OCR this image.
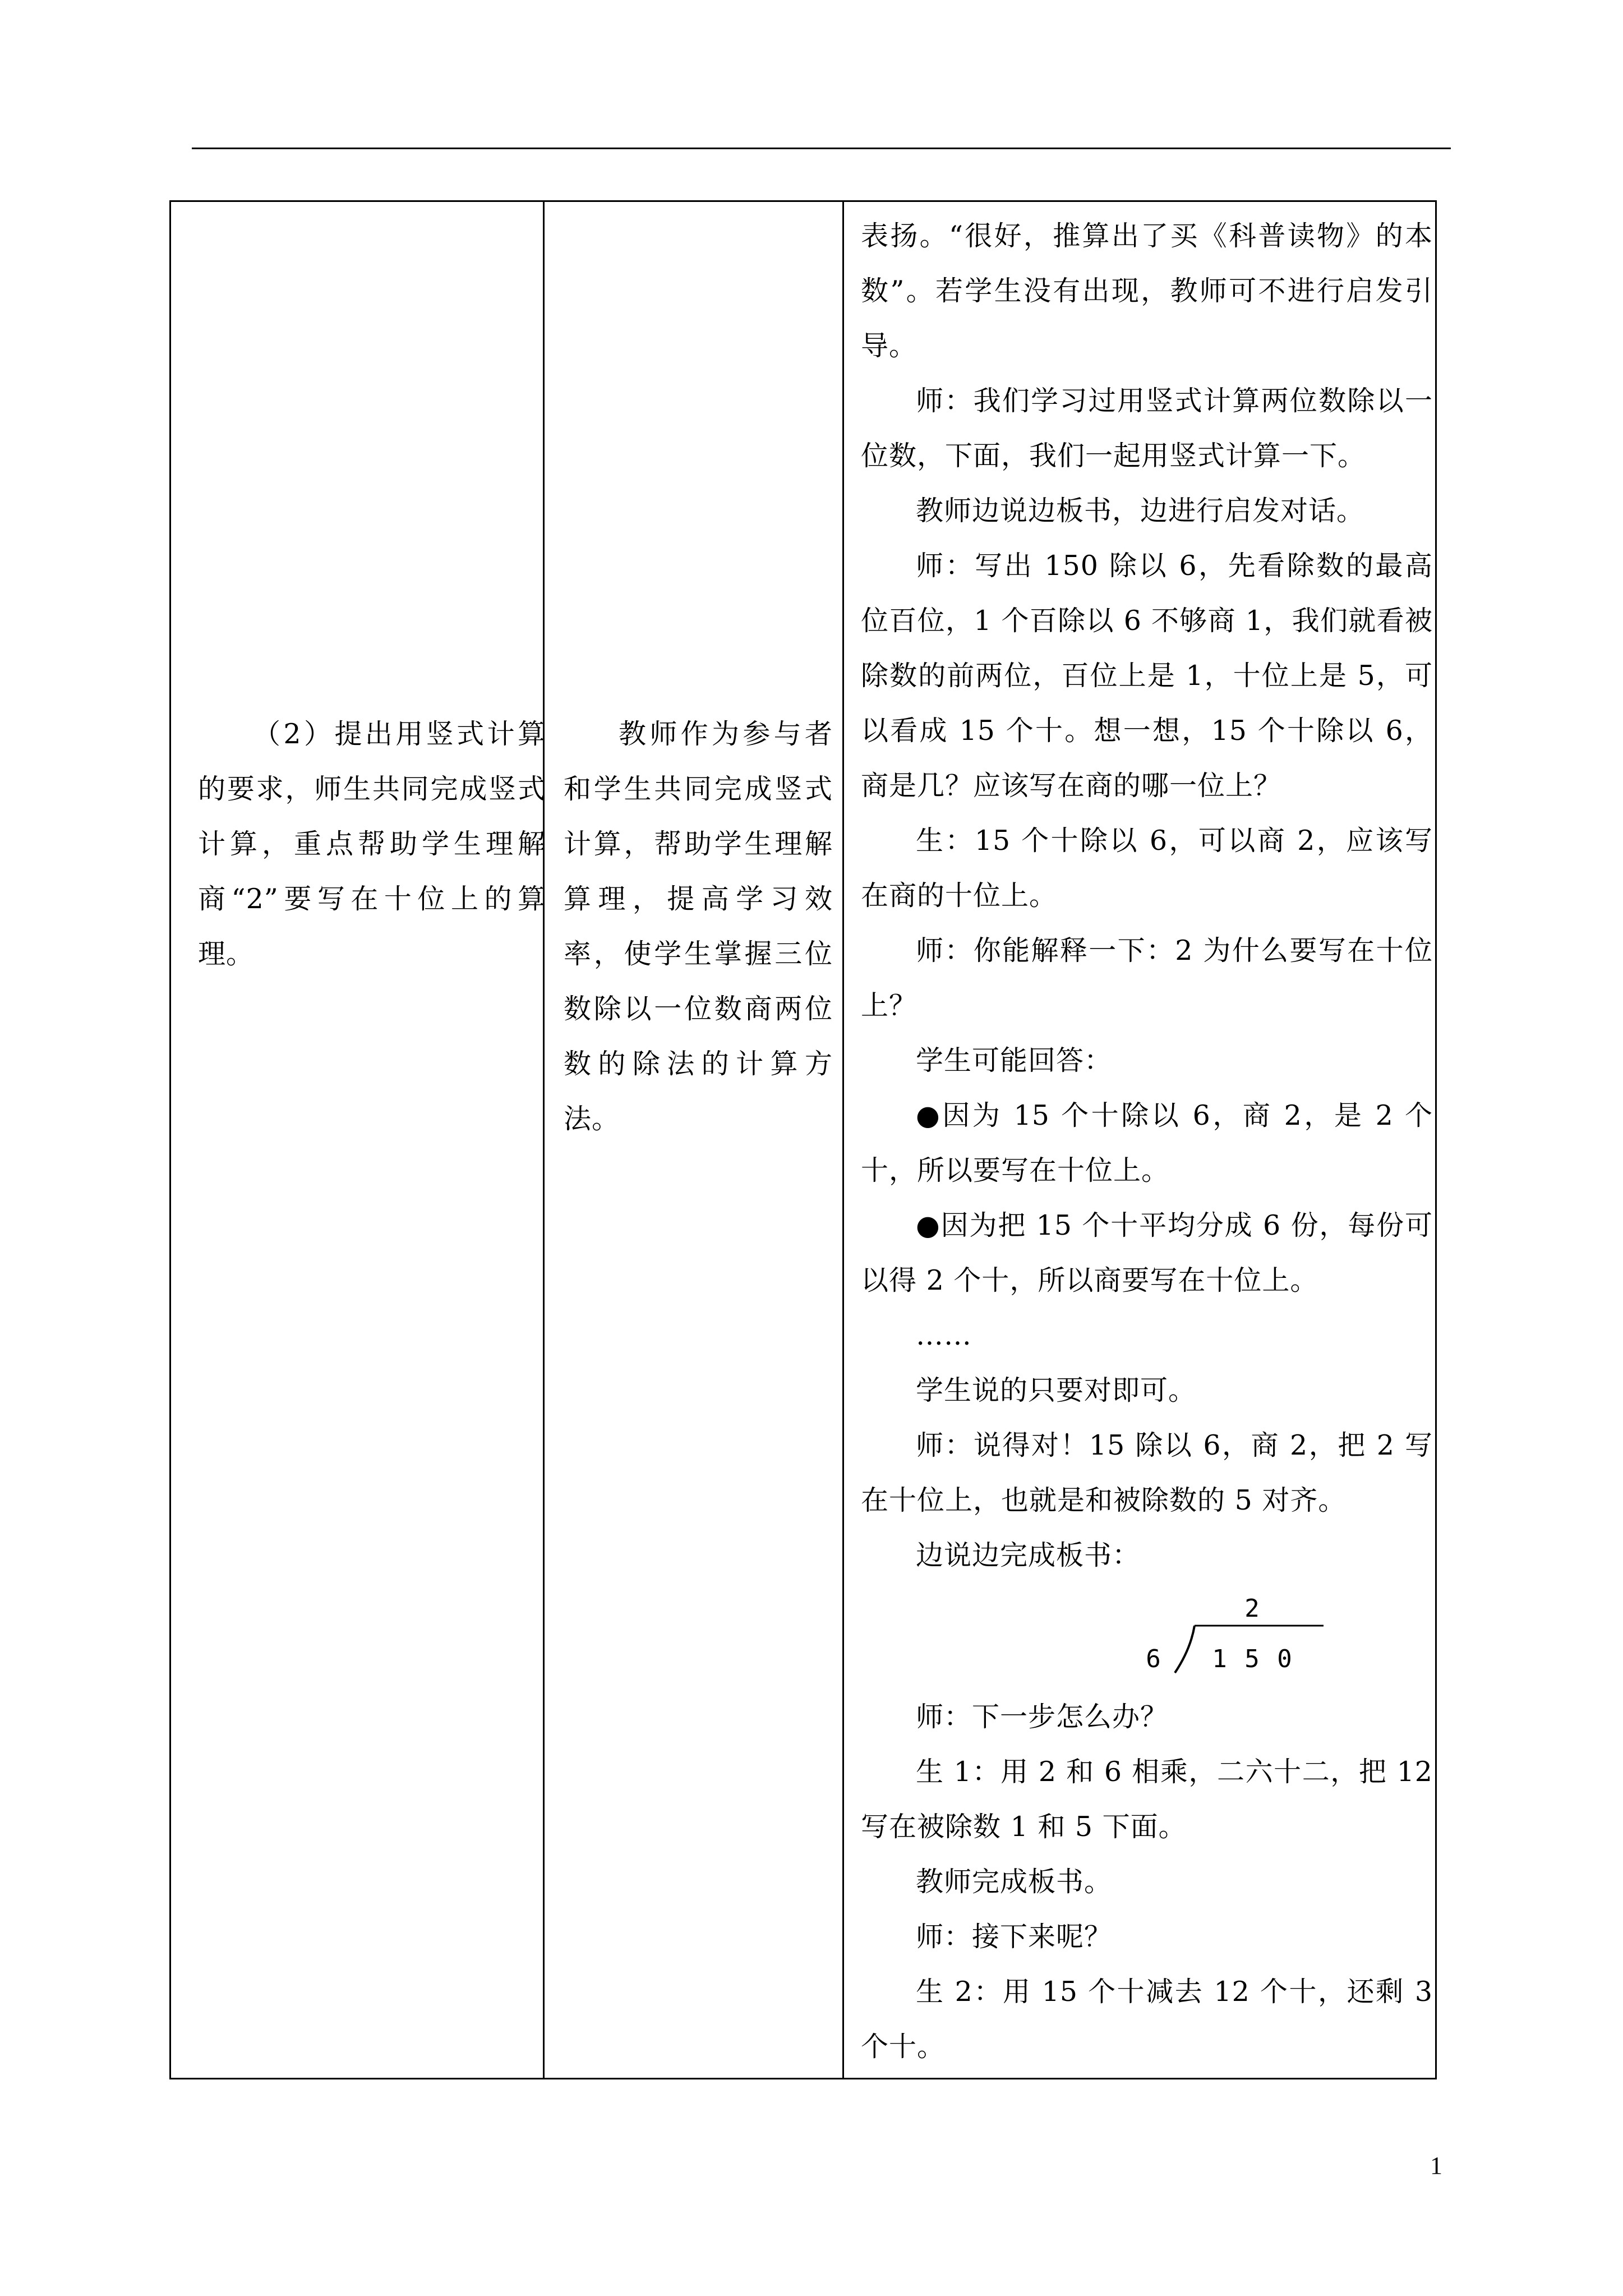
（2）提出用竖式计算的要求，师生共同完成竖式计算，重点帮助学生理解商“2”要写在十位上的算理。

教师作为参与者和学生共同完成竖式计算，帮助学生理解算理，提高学习效率，使学生掌握三位数除以一位数商两位数的除法的计算方法。

表扬。“很好，推算出了买《科普读物》的本数”。若学生没有出现，教师可不进行启发引导。

师：我们学习过用竖式计算两位数除以一位数，下面，我们一起用竖式计算一下。

教师边说边板书，边进行启发对话。

师：写出 150 除以 6，先看除数的最高位百位，1 个百除以 6 不够商 1，我们就看被除数的前两位，百位上是 1，十位上是 5，可以看成 15 个十。想一想，15 个十除以 6，商是几？应该写在商的哪一位上？

生：15 个十除以 6，可以商 2，应该写在商的十位上。

师：你能解释一下：2 为什么要写在十位上？

学生可能回答：

●因为 15 个十除以 6，商 2，是 2 个十，所以要写在十位上。

●因为把 15 个十平均分成 6 份，每份可以得 2 个十，所以商要写在十位上。

……

学生说的只要对即可。

师：说得对！15 除以 6，商 2，把 2 写在十位上，也就是和被除数的 5 对齐。

边说边完成板书：

2
6 1 5 0

师：下一步怎么办？

生 1：用 2 和 6 相乘，二六十二，把 12 写在被除数 1 和 5 下面。

教师完成板书。

师：接下来呢？

生 2：用 15 个十减去 12 个十，还剩 3 个十。

1
